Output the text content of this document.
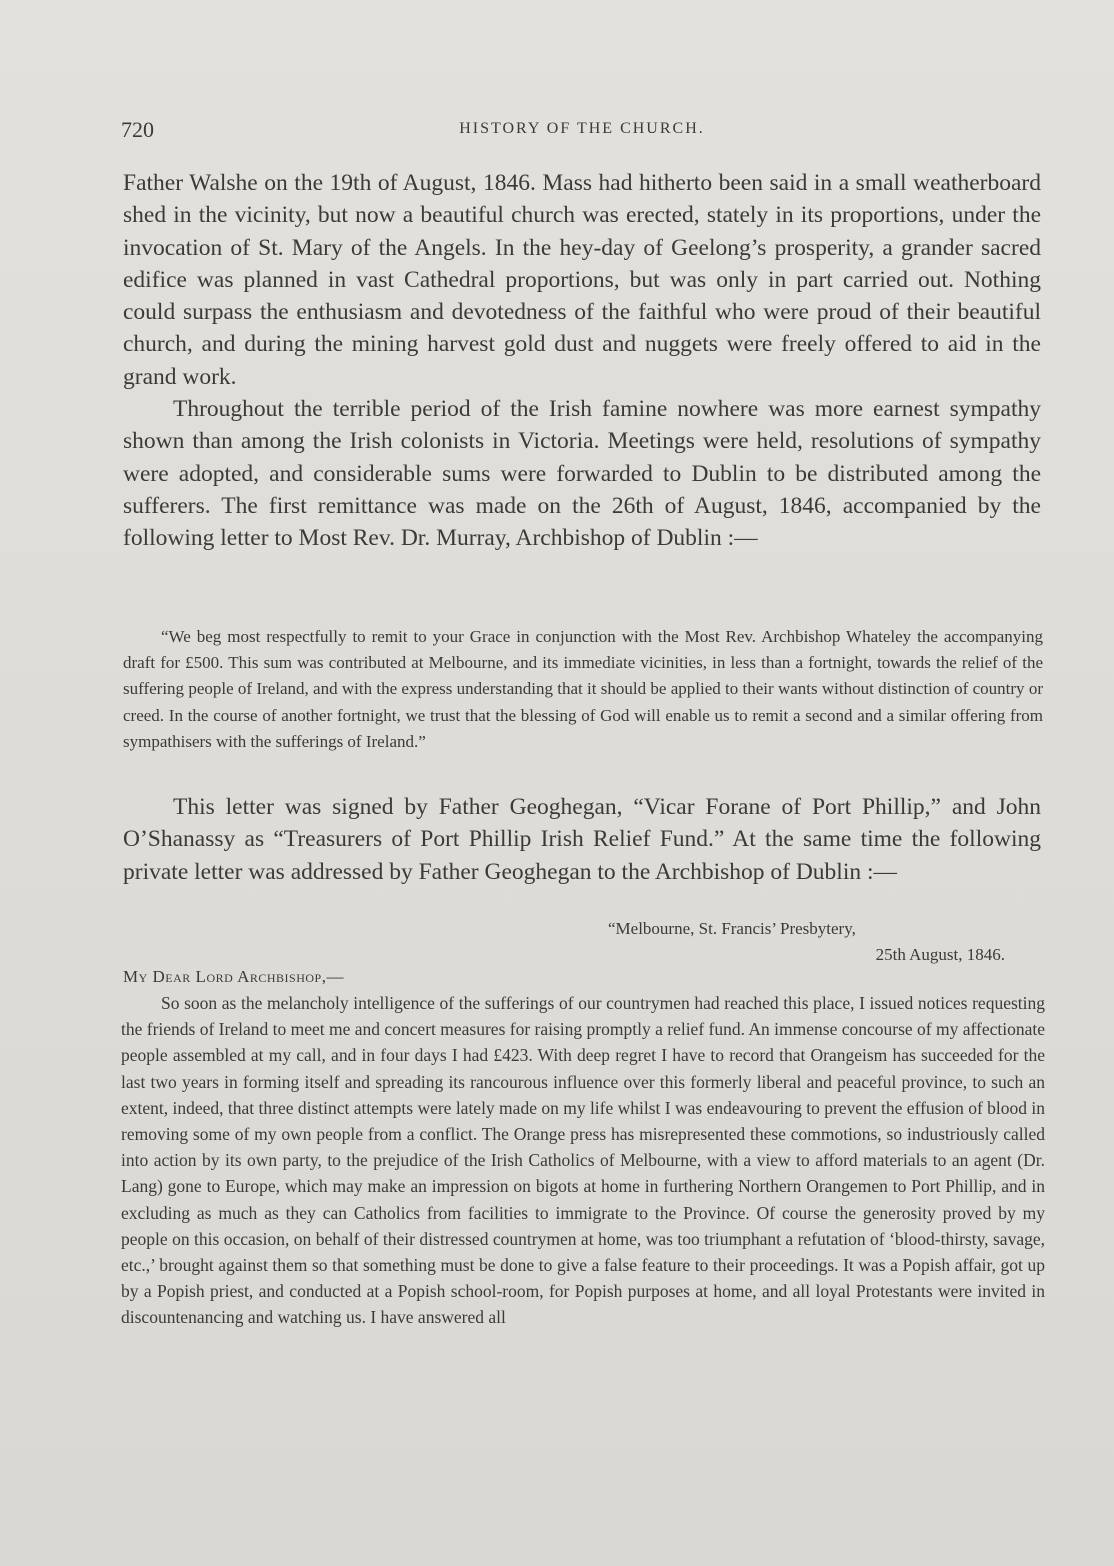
720	HISTORY OF THE CHURCH.

Father Walshe on the 19th of August, 1846. Mass had hitherto been said in a small weatherboard shed in the vicinity, but now a beautiful church was erected, stately in its proportions, under the invocation of St. Mary of the Angels. In the hey-day of Geelong’s prosperity, a grander sacred edifice was planned in vast Cathedral proportions, but was only in part carried out. Nothing could surpass the enthusiasm and devotedness of the faithful who were proud of their beautiful church, and during the mining harvest gold dust and nuggets were freely offered to aid in the grand work.

Throughout the terrible period of the Irish famine nowhere was more earnest sympathy shown than among the Irish colonists in Victoria. Meetings were held, resolutions of sympathy were adopted, and considerable sums were forwarded to Dublin to be distributed among the sufferers. The first remittance was made on the 26th of August, 1846, accompanied by the following letter to Most Rev. Dr. Murray, Archbishop of Dublin :—

“We beg most respectfully to remit to your Grace in conjunction with the Most Rev. Archbishop Whateley the accompanying draft for £500. This sum was contributed at Melbourne, and its immediate vicinities, in less than a fortnight, towards the relief of the suffering people of Ireland, and with the express understanding that it should be applied to their wants without distinction of country or creed. In the course of another fortnight, we trust that the blessing of God will enable us to remit a second and a similar offering from sympathisers with the sufferings of Ireland.”

This letter was signed by Father Geoghegan, “Vicar Forane of Port Phillip,” and John O’Shanassy as “Treasurers of Port Phillip Irish Relief Fund.” At the same time the following private letter was addressed by Father Geoghegan to the Archbishop of Dublin :—

“Melbourne, St. Francis’ Presbytery,
25th August, 1846.
My Dear Lord Archbishop,—

So soon as the melancholy intelligence of the sufferings of our countrymen had reached this place, I issued notices requesting the friends of Ireland to meet me and concert measures for raising promptly a relief fund. An immense concourse of my affectionate people assembled at my call, and in four days I had £423. With deep regret I have to record that Orangeism has succeeded for the last two years in forming itself and spreading its rancourous influence over this formerly liberal and peaceful province, to such an extent, indeed, that three distinct attempts were lately made on my life whilst I was endeavouring to prevent the effusion of blood in removing some of my own people from a conflict. The Orange press has misrepresented these commotions, so industriously called into action by its own party, to the prejudice of the Irish Catholics of Melbourne, with a view to afford materials to an agent (Dr. Lang) gone to Europe, which may make an impression on bigots at home in furthering Northern Orangemen to Port Phillip, and in excluding as much as they can Catholics from facilities to immigrate to the Province. Of course the generosity proved by my people on this occasion, on behalf of their distressed countrymen at home, was too triumphant a refutation of ‘blood-thirsty, savage, etc.,’ brought against them so that something must be done to give a false feature to their proceedings. It was a Popish affair, got up by a Popish priest, and conducted at a Popish school-room, for Popish purposes at home, and all loyal Protestants were invited in discountenancing and watching us. I have answered all
